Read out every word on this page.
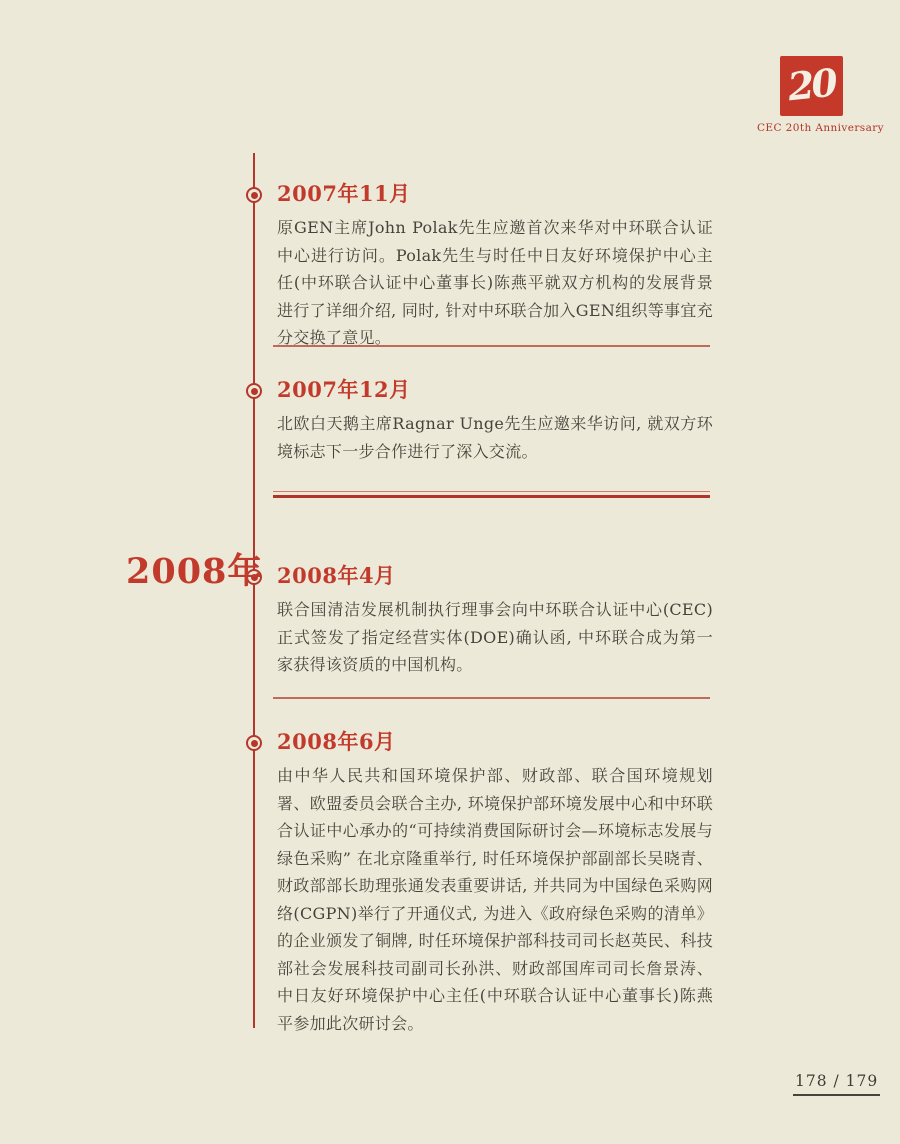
20
CEC 20th Anniversary
2008年
2007年11月

原GEN主席John Polak先生应邀首次来华对中环联合认证中心进行访问。Polak先生与时任中日友好环境保护中心主任(中环联合认证中心董事长)陈燕平就双方机构的发展背景进行了详细介绍, 同时, 针对中环联合加入GEN组织等事宜充分交换了意见。

2007年12月

北欧白天鹅主席Ragnar Unge先生应邀来华访问, 就双方环境标志下一步合作进行了深入交流。

2008年4月

联合国清洁发展机制执行理事会向中环联合认证中心(CEC)正式签发了指定经营实体(DOE)确认函, 中环联合成为第一家获得该资质的中国机构。

2008年6月

由中华人民共和国环境保护部、财政部、联合国环境规划署、欧盟委员会联合主办, 环境保护部环境发展中心和中环联合认证中心承办的“可持续消费国际研讨会—环境标志发展与绿色采购” 在北京隆重举行, 时任环境保护部副部长吴晓青、财政部部长助理张通发表重要讲话, 并共同为中国绿色采购网络(CGPN)举行了开通仪式, 为进入《政府绿色采购的清单》的企业颁发了铜牌, 时任环境保护部科技司司长赵英民、科技部社会发展科技司副司长孙洪、财政部国库司司长詹景涛、中日友好环境保护中心主任(中环联合认证中心董事长)陈燕平参加此次研讨会。

178 / 179
